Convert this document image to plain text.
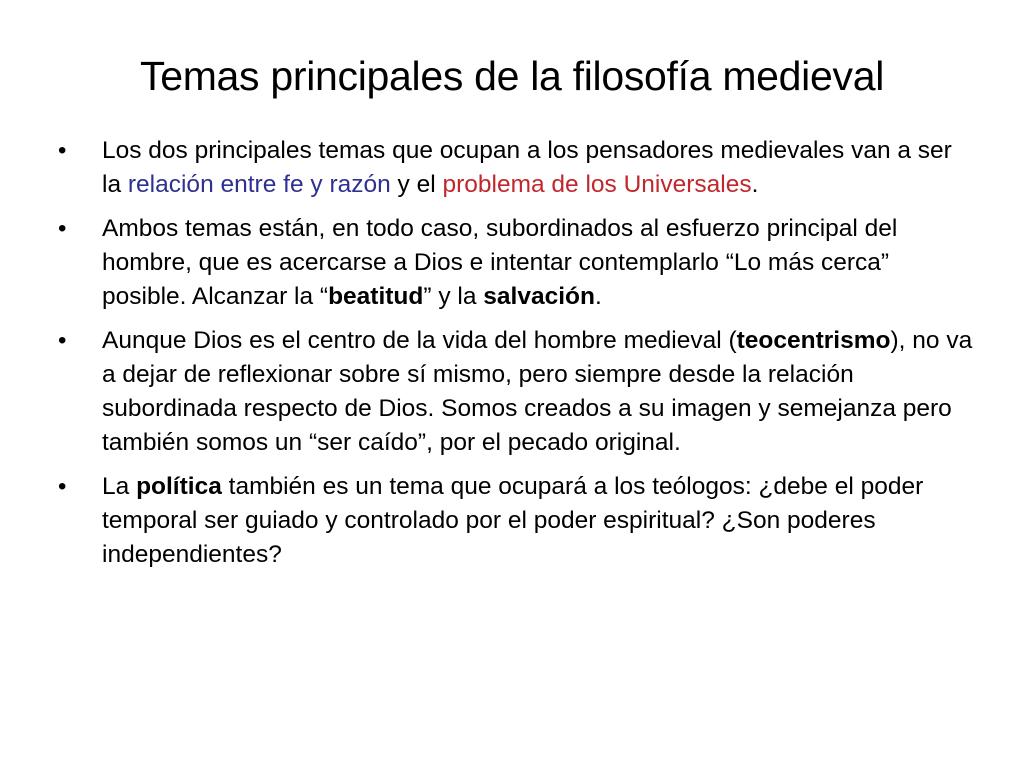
Temas principales de la filosofía medieval
•	Los dos principales temas que ocupan a los pensadores medievales van a ser la relación entre fe y razón y el problema de los Universales.
•	Ambos temas están, en todo caso, subordinados al esfuerzo principal del hombre, que es acercarse a Dios e intentar contemplarlo “Lo más cerca” posible. Alcanzar la “beatitud” y la salvación.
•	Aunque Dios es el centro de la vida del hombre medieval (teocentrismo), no va a dejar de reflexionar sobre sí mismo, pero siempre desde la relación subordinada respecto de Dios. Somos creados a su imagen y semejanza pero también somos un “ser caído”, por el pecado original.
•	La política también es un tema que ocupará a los teólogos: ¿debe el poder temporal ser guiado y controlado por el poder espiritual? ¿Son poderes independientes?
